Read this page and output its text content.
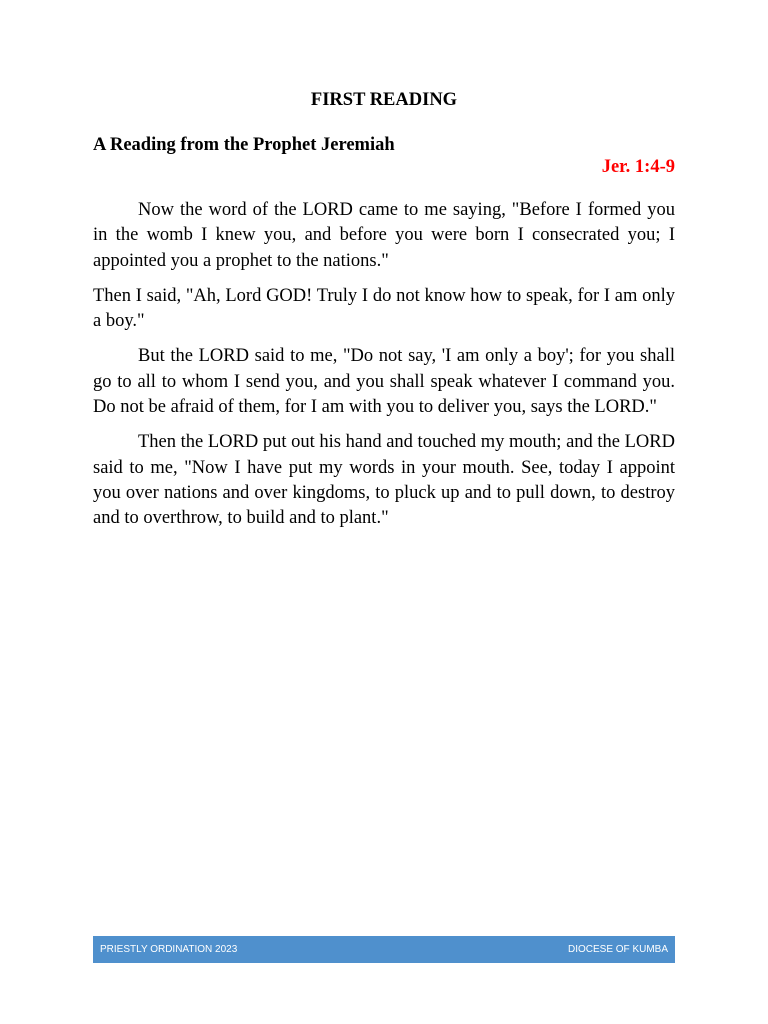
FIRST READING
A Reading from the Prophet Jeremiah
Jer. 1:4-9

Now the word of the LORD came to me saying, "Before I formed you in the womb I knew you, and before you were born I consecrated you; I appointed you a prophet to the nations."

Then I said, "Ah, Lord GOD! Truly I do not know how to speak, for I am only a boy."

But the LORD said to me, "Do not say, 'I am only a boy'; for you shall go to all to whom I send you, and you shall speak whatever I command you. Do not be afraid of them, for I am with you to deliver you, says the LORD."

Then the LORD put out his hand and touched my mouth; and the LORD said to me, "Now I have put my words in your mouth. See, today I appoint you over nations and over kingdoms, to pluck up and to pull down, to destroy and to overthrow, to build and to plant."

PRIESTLY ORDINATION 2023	DIOCESE OF KUMBA
